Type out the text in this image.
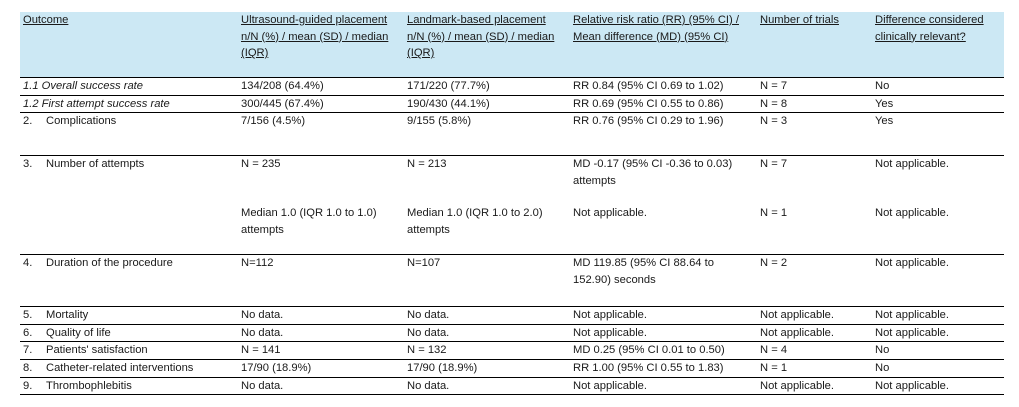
Outcome	Ultrasound-guided placement n/N (%) / mean (SD) / median (IQR)	Landmark-based placement n/N (%) / mean (SD) / median (IQR)	Relative risk ratio (RR) (95% CI) / Mean difference (MD) (95% CI)	Number of trials	Difference considered clinically relevant?
1.1 Overall success rate	134/208 (64.4%)	171/220 (77.7%)	RR 0.84 (95% CI 0.69 to 1.02)	N = 7	No
1.2 First attempt success rate	300/445 (67.4%)	190/430 (44.1%)	RR 0.69 (95% CI 0.55 to 0.86)	N = 8	Yes
2. Complications	7/156 (4.5%)	9/155 (5.8%)	RR 0.76 (95% CI 0.29 to 1.96)	N = 3	Yes
3. Number of attempts	N = 235	N = 213	MD -0.17 (95% CI -0.36 to 0.03) attempts	N = 7	Not applicable.
	Median 1.0 (IQR 1.0 to 1.0) attempts	Median 1.0 (IQR 1.0 to 2.0) attempts	Not applicable.	N = 1	Not applicable.
4. Duration of the procedure	N=112	N=107	MD 119.85 (95% CI 88.64 to 152.90) seconds	N = 2	Not applicable.
5. Mortality	No data.	No data.	Not applicable.	Not applicable.	Not applicable.
6. Quality of life	No data.	No data.	Not applicable.	Not applicable.	Not applicable.
7. Patients' satisfaction	N = 141	N = 132	MD 0.25 (95% CI 0.01 to 0.50)	N = 4	No
8. Catheter-related interventions	17/90 (18.9%)	17/90 (18.9%)	RR 1.00 (95% CI 0.55 to 1.83)	N = 1	No
9. Thrombophlebitis	No data.	No data.	Not applicable.	Not applicable.	Not applicable.
